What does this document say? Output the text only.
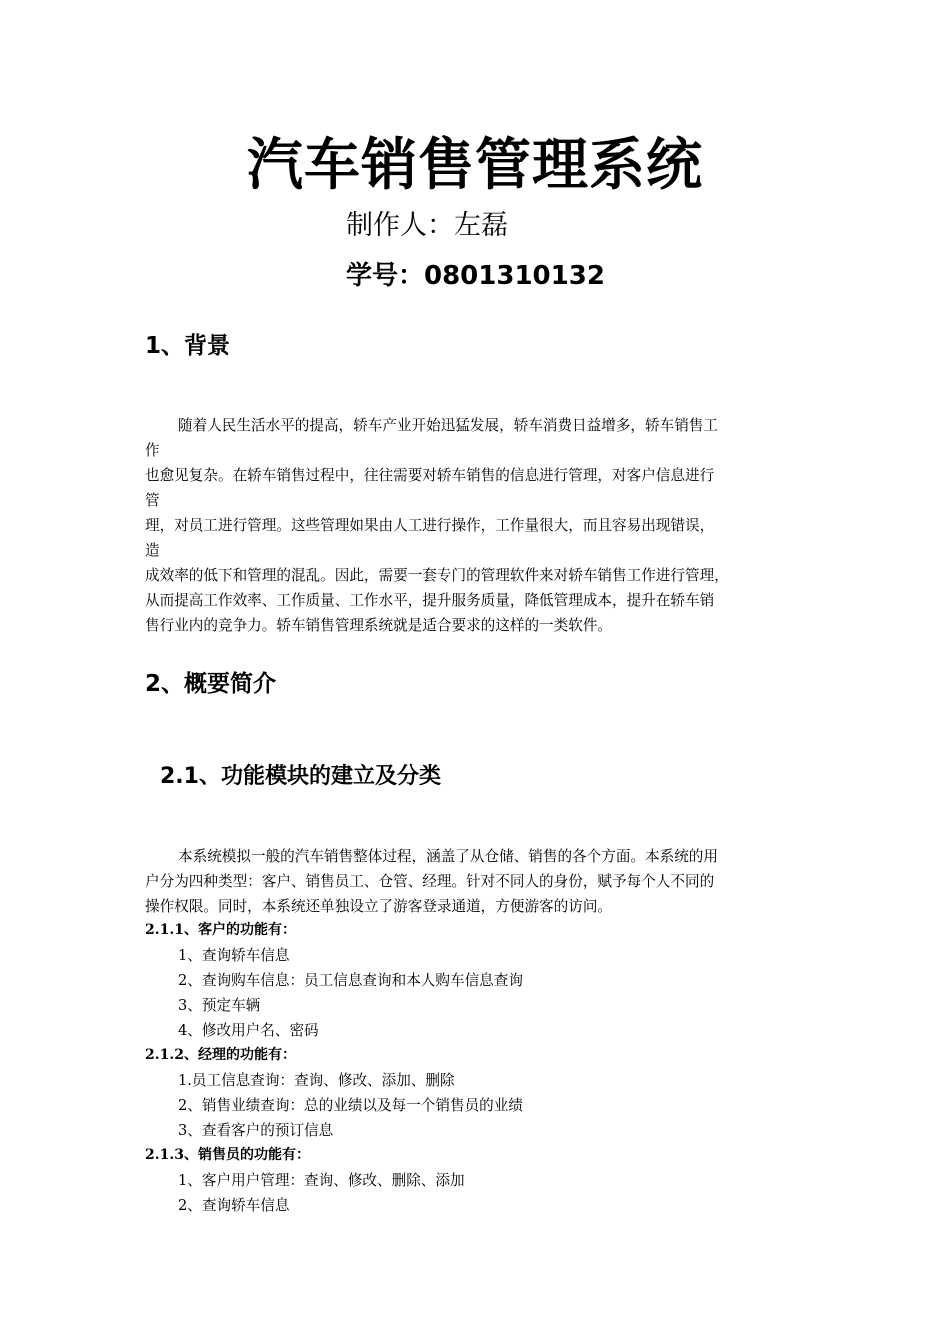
汽车销售管理系统
制作人：左磊
学号：0801310132
1、背景
随着人民生活水平的提高，轿车产业开始迅猛发展，轿车消费日益增多，轿车销售工
作
也愈见复杂。在轿车销售过程中，往往需要对轿车销售的信息进行管理，对客户信息进行
管
理，对员工进行管理。这些管理如果由人工进行操作，工作量很大，而且容易出现错误，
造
成效率的低下和管理的混乱。因此，需要一套专门的管理软件来对轿车销售工作进行管理，
从而提高工作效率、工作质量、工作水平，提升服务质量，降低管理成本，提升在轿车销
售行业内的竞争力。轿车销售管理系统就是适合要求的这样的一类软件。
2、概要简介
2.1、功能模块的建立及分类
本系统模拟一般的汽车销售整体过程，涵盖了从仓储、销售的各个方面。本系统的用
户分为四种类型：客户、销售员工、仓管、经理。针对不同人的身份，赋予每个人不同的
操作权限。同时，本系统还单独设立了游客登录通道，方便游客的访问。
2.1.1、客户的功能有：
1、查询轿车信息
2、查询购车信息：员工信息查询和本人购车信息查询
3、预定车辆
4、修改用户名、密码
2.1.2、经理的功能有：
1.员工信息查询：查询、修改、添加、删除
2、销售业绩查询：总的业绩以及每一个销售员的业绩
3、查看客户的预订信息
2.1.3、销售员的功能有：
1、客户用户管理：查询、修改、删除、添加
2、查询轿车信息
